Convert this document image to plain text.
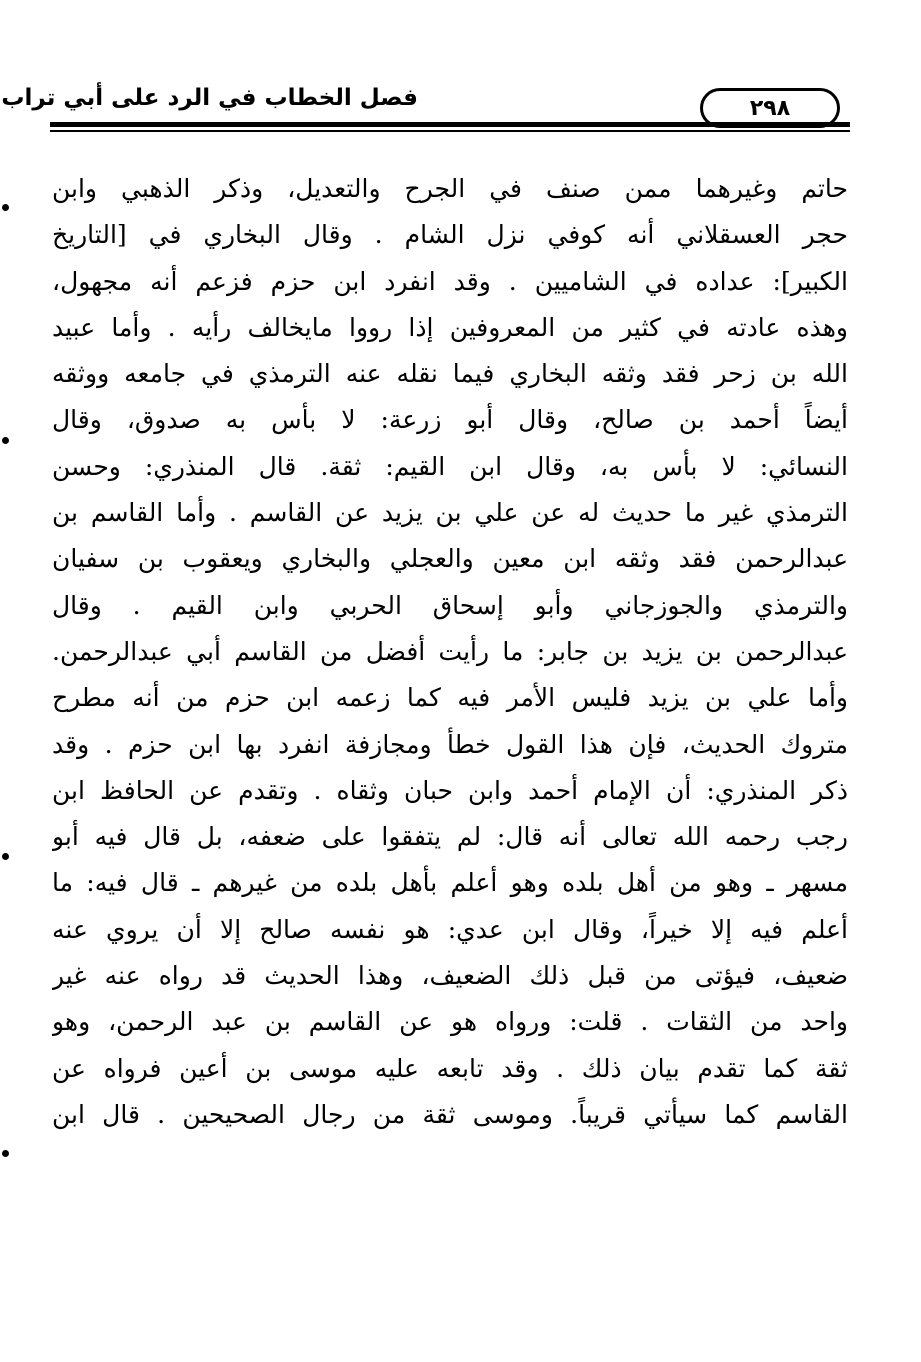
فصل الخطاب في الرد على أبي تراب	٢٩٨
حاتم وغيرهما ممن صنف في الجرح والتعديل، وذكر الذهبي وابن
حجر العسقلاني أنه كوفي نزل الشام . وقال البخاري في [التاريخ
الكبير]: عداده في الشاميين . وقد انفرد ابن حزم فزعم أنه مجهول،
وهذه عادته في كثير من المعروفين إذا رووا مايخالف رأيه . وأما عبيد
الله بن زحر فقد وثقه البخاري فيما نقله عنه الترمذي في جامعه ووثقه
أيضاً أحمد بن صالح، وقال أبو زرعة: لا بأس به صدوق، وقال
النسائي: لا بأس به، وقال ابن القيم: ثقة. قال المنذري: وحسن
الترمذي غير ما حديث له عن علي بن يزيد عن القاسم . وأما القاسم بن
عبدالرحمن فقد وثقه ابن معين والعجلي والبخاري ويعقوب بن سفيان
والترمذي والجوزجاني وأبو إسحاق الحربي وابن القيم . وقال
عبدالرحمن بن يزيد بن جابر: ما رأيت أفضل من القاسم أبي عبدالرحمن.
وأما علي بن يزيد فليس الأمر فيه كما زعمه ابن حزم من أنه مطرح
متروك الحديث، فإن هذا القول خطأ ومجازفة انفرد بها ابن حزم . وقد
ذكر المنذري: أن الإمام أحمد وابن حبان وثقاه . وتقدم عن الحافظ ابن
رجب رحمه الله تعالى أنه قال: لم يتفقوا على ضعفه، بل قال فيه أبو
مسهر ـ وهو من أهل بلده وهو أعلم بأهل بلده من غيرهم ـ قال فيه: ما
أعلم فيه إلا خيراً، وقال ابن عدي: هو نفسه صالح إلا أن يروي عنه
ضعيف، فيؤتى من قبل ذلك الضعيف، وهذا الحديث قد رواه عنه غير
واحد من الثقات . قلت: ورواه هو عن القاسم بن عبد الرحمن، وهو
ثقة كما تقدم بيان ذلك . وقد تابعه عليه موسى بن أعين فرواه عن
القاسم كما سيأتي قريباً. وموسى ثقة من رجال الصحيحين . قال ابن
